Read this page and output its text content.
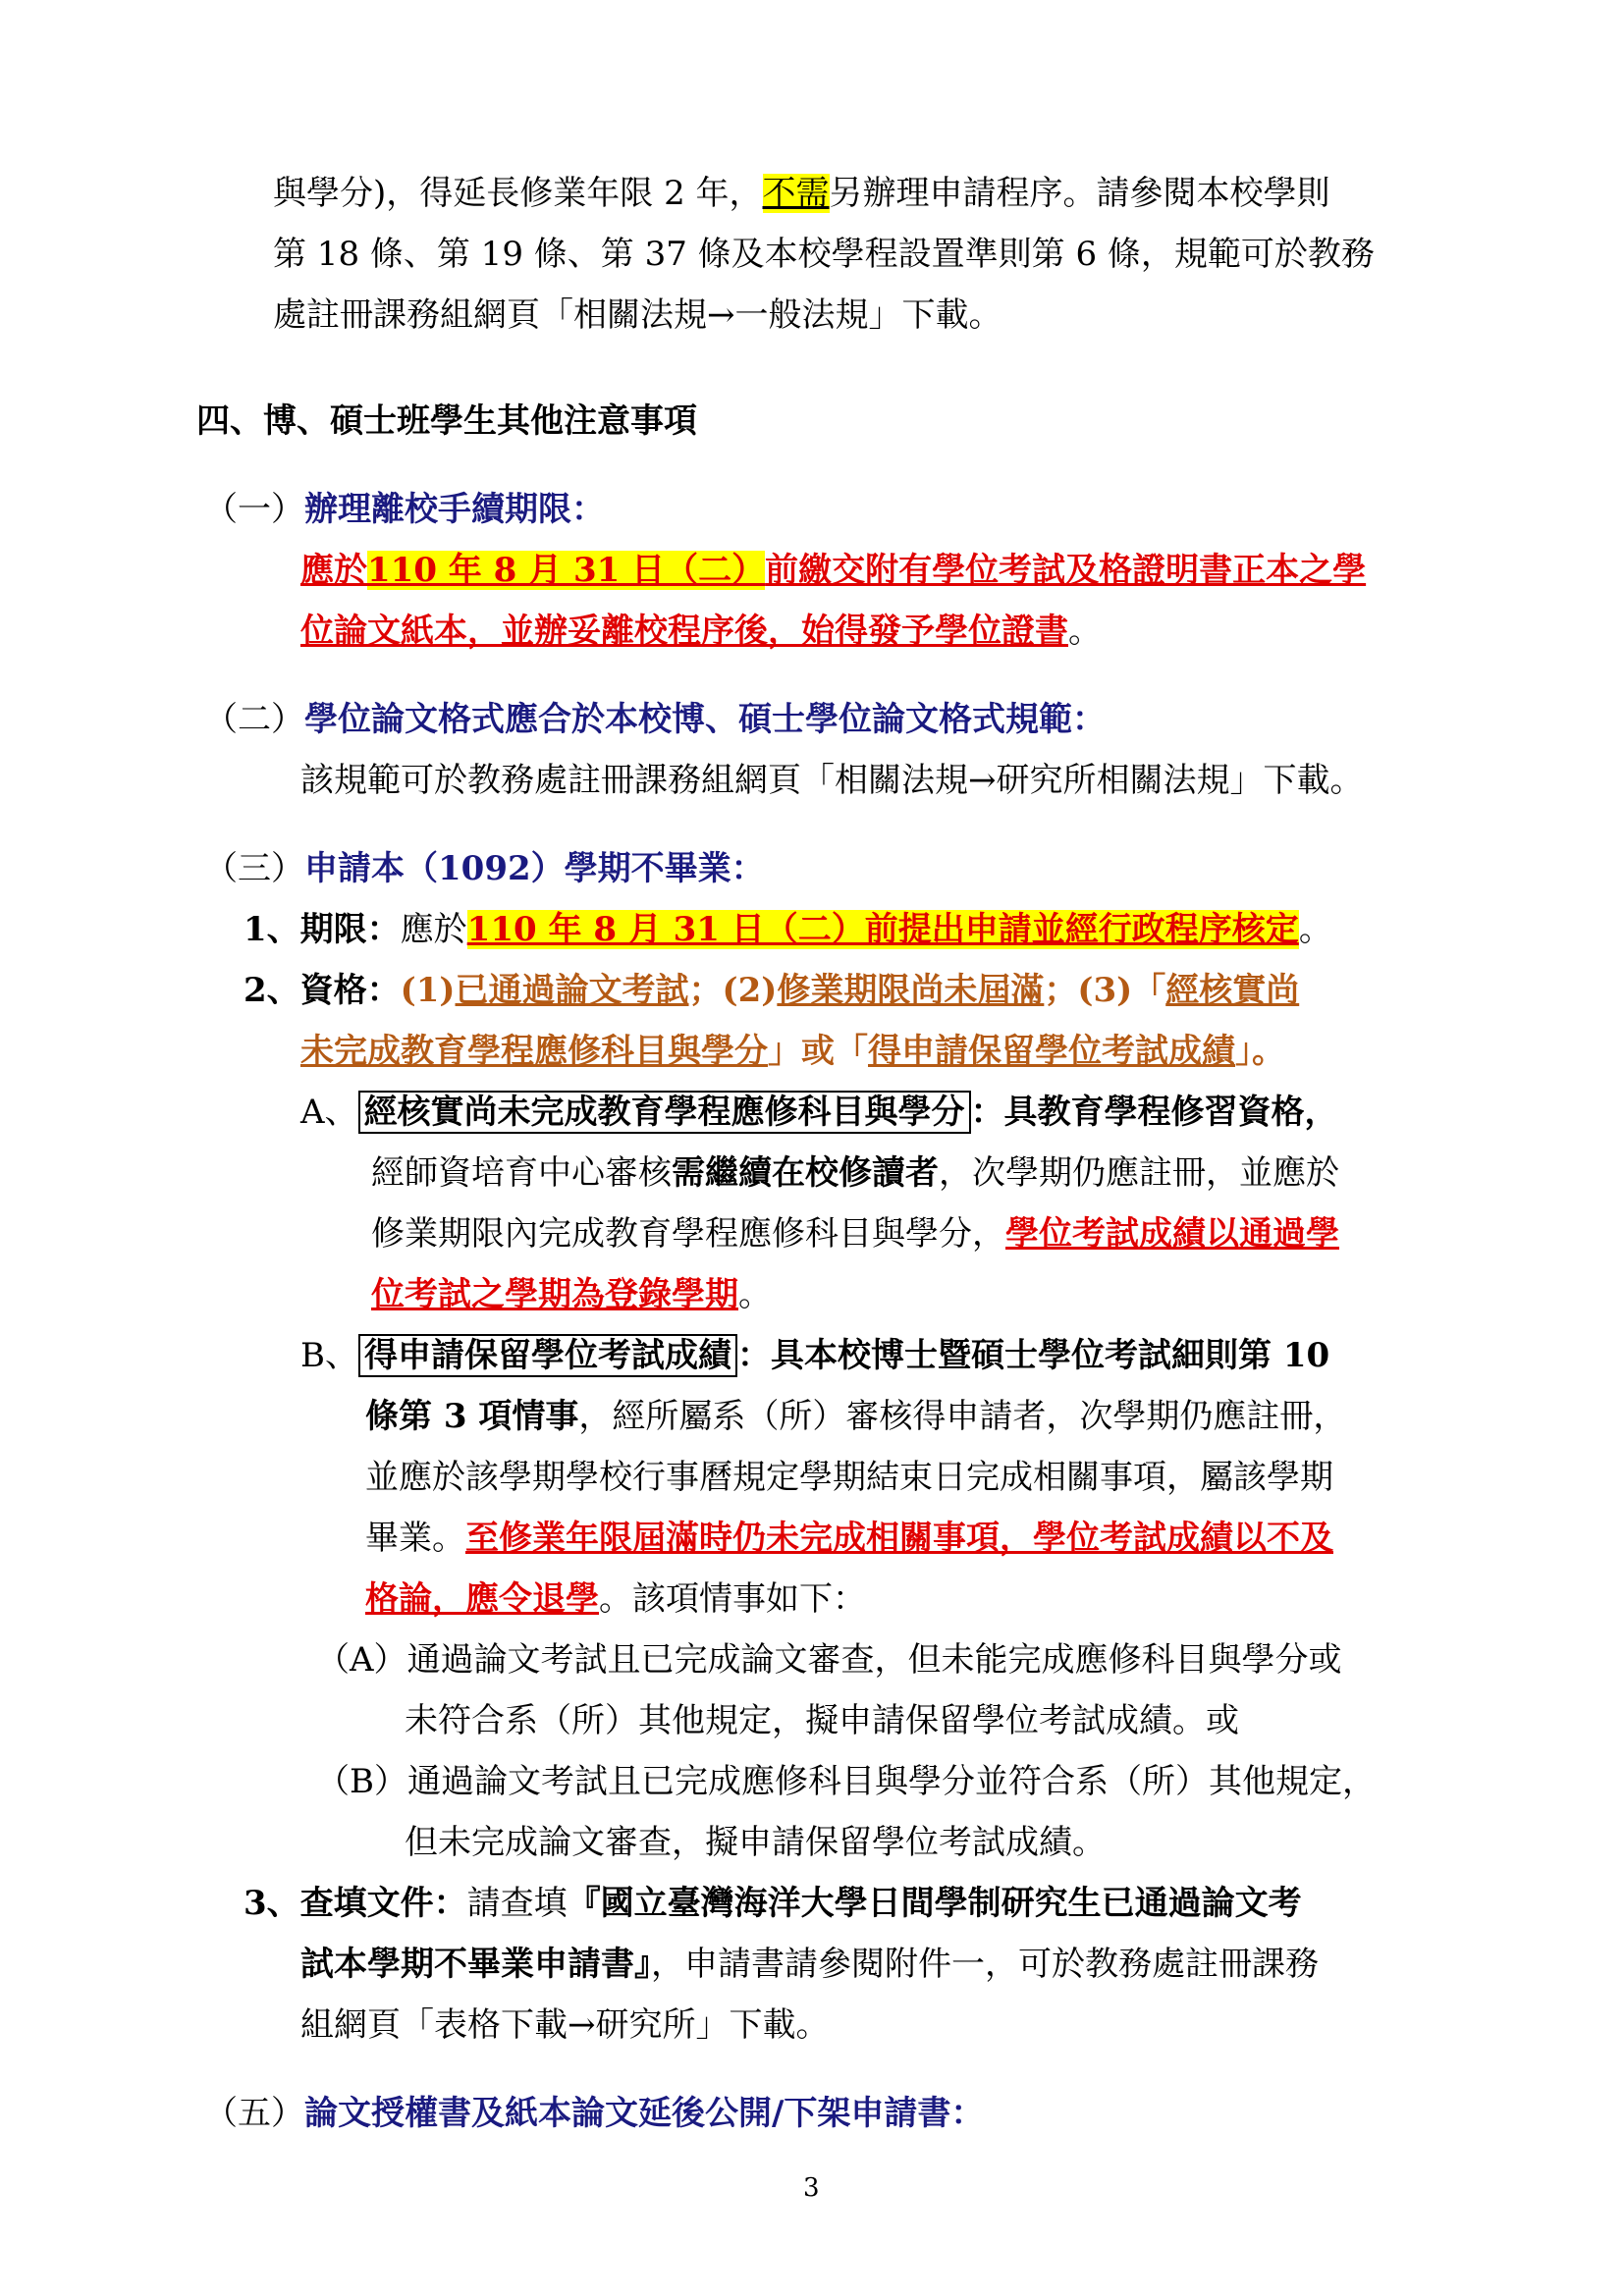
與學分)，得延長修業年限 2 年，不需另辦理申請程序。請參閱本校學則
第 18 條、第 19 條、第 37 條及本校學程設置準則第 6 條，規範可於教務
處註冊課務組網頁「相關法規→一般法規」下載。
四、博、碩士班學生其他注意事項
（一）辦理離校手續期限：
應於110 年 8 月 31 日（二）前繳交附有學位考試及格證明書正本之學
位論文紙本，並辦妥離校程序後，始得發予學位證書。
（二）學位論文格式應合於本校博、碩士學位論文格式規範：
該規範可於教務處註冊課務組網頁「相關法規→研究所相關法規」下載。
（三）申請本（1092）學期不畢業：
1、期限：應於110 年 8 月 31 日（二）前提出申請並經行政程序核定。
2、資格：(1)已通過論文考試；(2)修業期限尚未屆滿；(3)「經核實尚
未完成教育學程應修科目與學分」或「得申請保留學位考試成績」。
A、 經核實尚未完成教育學程應修科目與學分 ：具教育學程修習資格，
經師資培育中心審核需繼續在校修讀者，次學期仍應註冊，並應於
修業期限內完成教育學程應修科目與學分，學位考試成績以通過學
位考試之學期為登錄學期。
B、 得申請保留學位考試成績 ：具本校博士暨碩士學位考試細則第 10
條第 3 項情事，經所屬系（所）審核得申請者，次學期仍應註冊，
並應於該學期學校行事曆規定學期結束日完成相關事項，屬該學期
畢業。至修業年限屆滿時仍未完成相關事項，學位考試成績以不及
格論，應令退學。該項情事如下：
（A）通過論文考試且已完成論文審查，但未能完成應修科目與學分或
未符合系（所）其他規定，擬申請保留學位考試成績。或
（B）通過論文考試且已完成應修科目與學分並符合系（所）其他規定，
但未完成論文審查，擬申請保留學位考試成績。
3、查填文件：請查填『國立臺灣海洋大學日間學制研究生已通過論文考
試本學期不畢業申請書』，申請書請參閱附件一，可於教務處註冊課務
組網頁「表格下載→研究所」下載。
（五）論文授權書及紙本論文延後公開/下架申請書：
3
